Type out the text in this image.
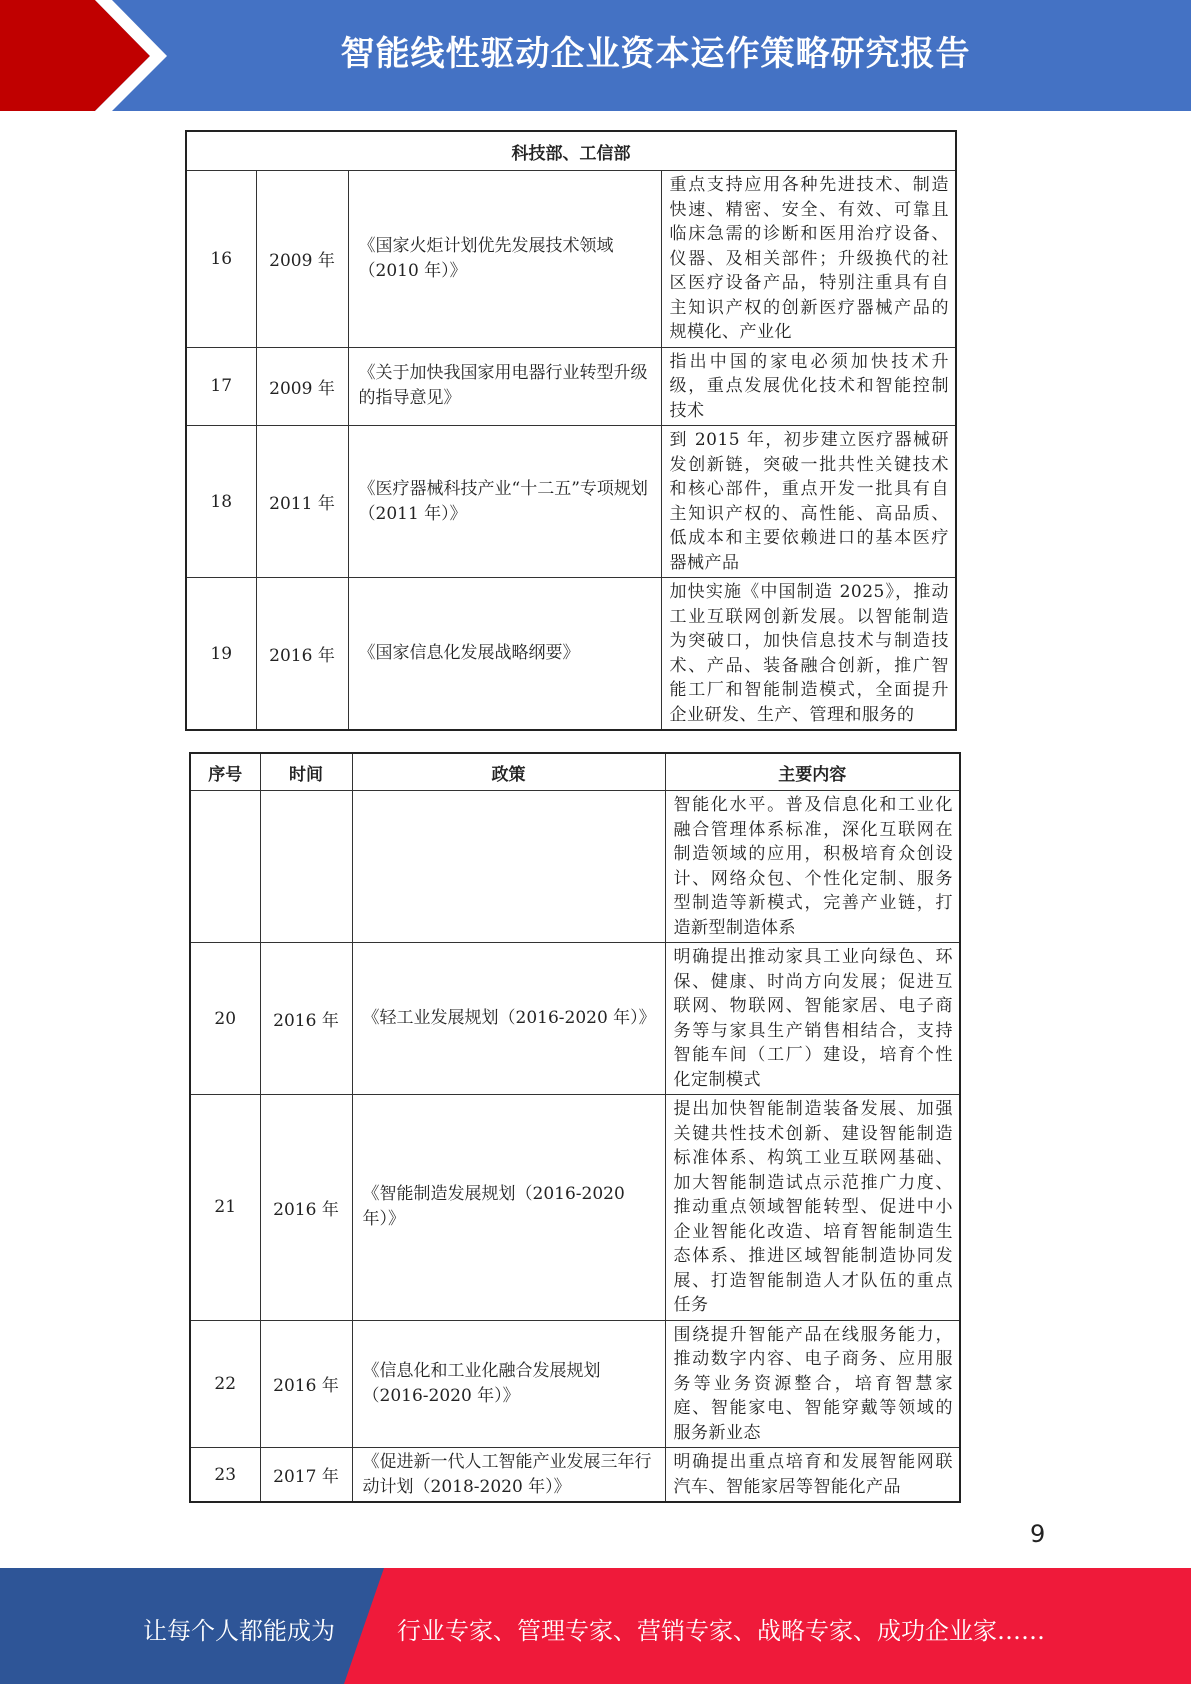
智能线性驱动企业资本运作策略研究报告
科技部、工信部			
16	2009 年	《国家火炬计划优先发展技术领域（2010 年）》	重点支持应用各种先进技术、制造快速、精密、安全、有效、可靠且临床急需的诊断和医用治疗设备、仪器、及相关部件；升级换代的社区医疗设备产品，特别注重具有自主知识产权的创新医疗器械产品的规模化、产业化
17	2009 年	《关于加快我国家用电器行业转型升级的指导意见》	指出中国的家电必须加快技术升级，重点发展优化技术和智能控制技术
18	2011 年	《医疗器械科技产业“十二五”专项规划（2011 年）》	到 2015 年，初步建立医疗器械研发创新链，突破一批共性关键技术和核心部件，重点开发一批具有自主知识产权的、高性能、高品质、低成本和主要依赖进口的基本医疗器械产品
19	2016 年	《国家信息化发展战略纲要》	加快实施《中国制造 2025》，推动工业互联网创新发展。以智能制造为突破口，加快信息技术与制造技术、产品、装备融合创新，推广智能工厂和智能制造模式，全面提升企业研发、生产、管理和服务的
序号	时间	政策	主要内容
			智能化水平。普及信息化和工业化融合管理体系标准，深化互联网在制造领域的应用，积极培育众创设计、网络众包、个性化定制、服务型制造等新模式，完善产业链，打造新型制造体系
20	2016 年	《轻工业发展规划（2016-2020 年）》	明确提出推动家具工业向绿色、环保、健康、时尚方向发展；促进互联网、物联网、智能家居、电子商务等与家具生产销售相结合，支持智能车间（工厂）建设，培育个性化定制模式
21	2016 年	《智能制造发展规划（2016-2020 年）》	提出加快智能制造装备发展、加强关键共性技术创新、建设智能制造标准体系、构筑工业互联网基础、加大智能制造试点示范推广力度、推动重点领域智能转型、促进中小企业智能化改造、培育智能制造生态体系、推进区域智能制造协同发展、打造智能制造人才队伍的重点任务
22	2016 年	《信息化和工业化融合发展规划（2016-2020 年）》	围绕提升智能产品在线服务能力，推动数字内容、电子商务、应用服务等业务资源整合，培育智慧家庭、智能家电、智能穿戴等领域的服务新业态
23	2017 年	《促进新一代人工智能产业发展三年行动计划（2018-2020 年）》	明确提出重点培育和发展智能网联汽车、智能家居等智能化产品
9
让每个人都能成为	行业专家、管理专家、营销专家、战略专家、成功企业家……
